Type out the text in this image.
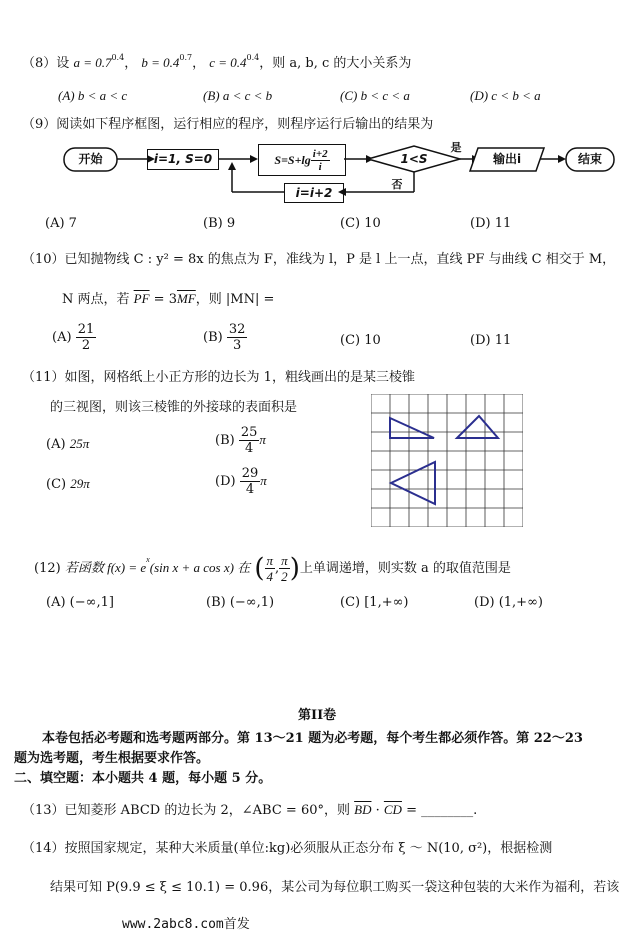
（8）设 $a = 0.7^{0.4}$， $b = 0.4^{0.7}$， $c = 0.4^{0.4}$，则 a, b, c 的大小关系为
(A) b < a < c	(B) a < c < b	(C) b < c < a	(D) c < b < a
（9）阅读如下程序框图，运行相应的程序，则程序运行后输出的结果为
开始	i=1, S=0	$S=S+\lg \frac{i+2}{i}$	1<S
是
否
输出i	结束
i=i+2
(A) 7	(B) 9	(C) 10	(D) 11
（10）已知抛物线 C : y² = 8x 的焦点为 F，准线为 l，P 是 l 上一点，直线 PF 与曲线 C 相交于 M，
N 两点，若 $\overline{PF} = 3\overline{MF}$，则 |MN| =
$(A) \frac{21}{2}$	$(B) \frac{32}{3}$	(C) 10	(D) 11
（11）如图，网格纸上小正方形的边长为 1，粗线画出的是某三棱锥
的三视图，则该三棱锥的外接球的表面积是
(A) 25π	$(B) \frac{25}{4}$ π
(C) 29π	$(D) \frac{29}{4}$ π
(12) 若函数 $f(x) = e^x(\sin$ x + a cos x) 在 ( $\frac{\pi}{4}$ , $\frac{\pi}{2}$ )上单调递增，则实数 a 的取值范围是
(A) (−∞,1]	(B) (−∞,1)	(C) [1,+∞)	(D) (1,+∞)
第II卷
本卷包括必考题和选考题两部分。第 13～21 题为必考题，每个考生都必须作答。第 22～23
题为选考题，考生根据要求作答。
二、填空题：本小题共 4 题，每小题 5 分。
（13）已知菱形 ABCD 的边长为 2，∠ABC = 60°，则 $\overline{BD} \cdot \overline{CD}$ = ________.
（14）按照国家规定，某种大米质量(单位:kg)必须服从正态分布 ξ ～ N(10, σ²)，根据检测
结果可知 P(9.9 ≤ ξ ≤ 10.1) = 0.96，某公司为每位职工购买一袋这种包装的大米作为福利，若该
www.2abc8.com首发
